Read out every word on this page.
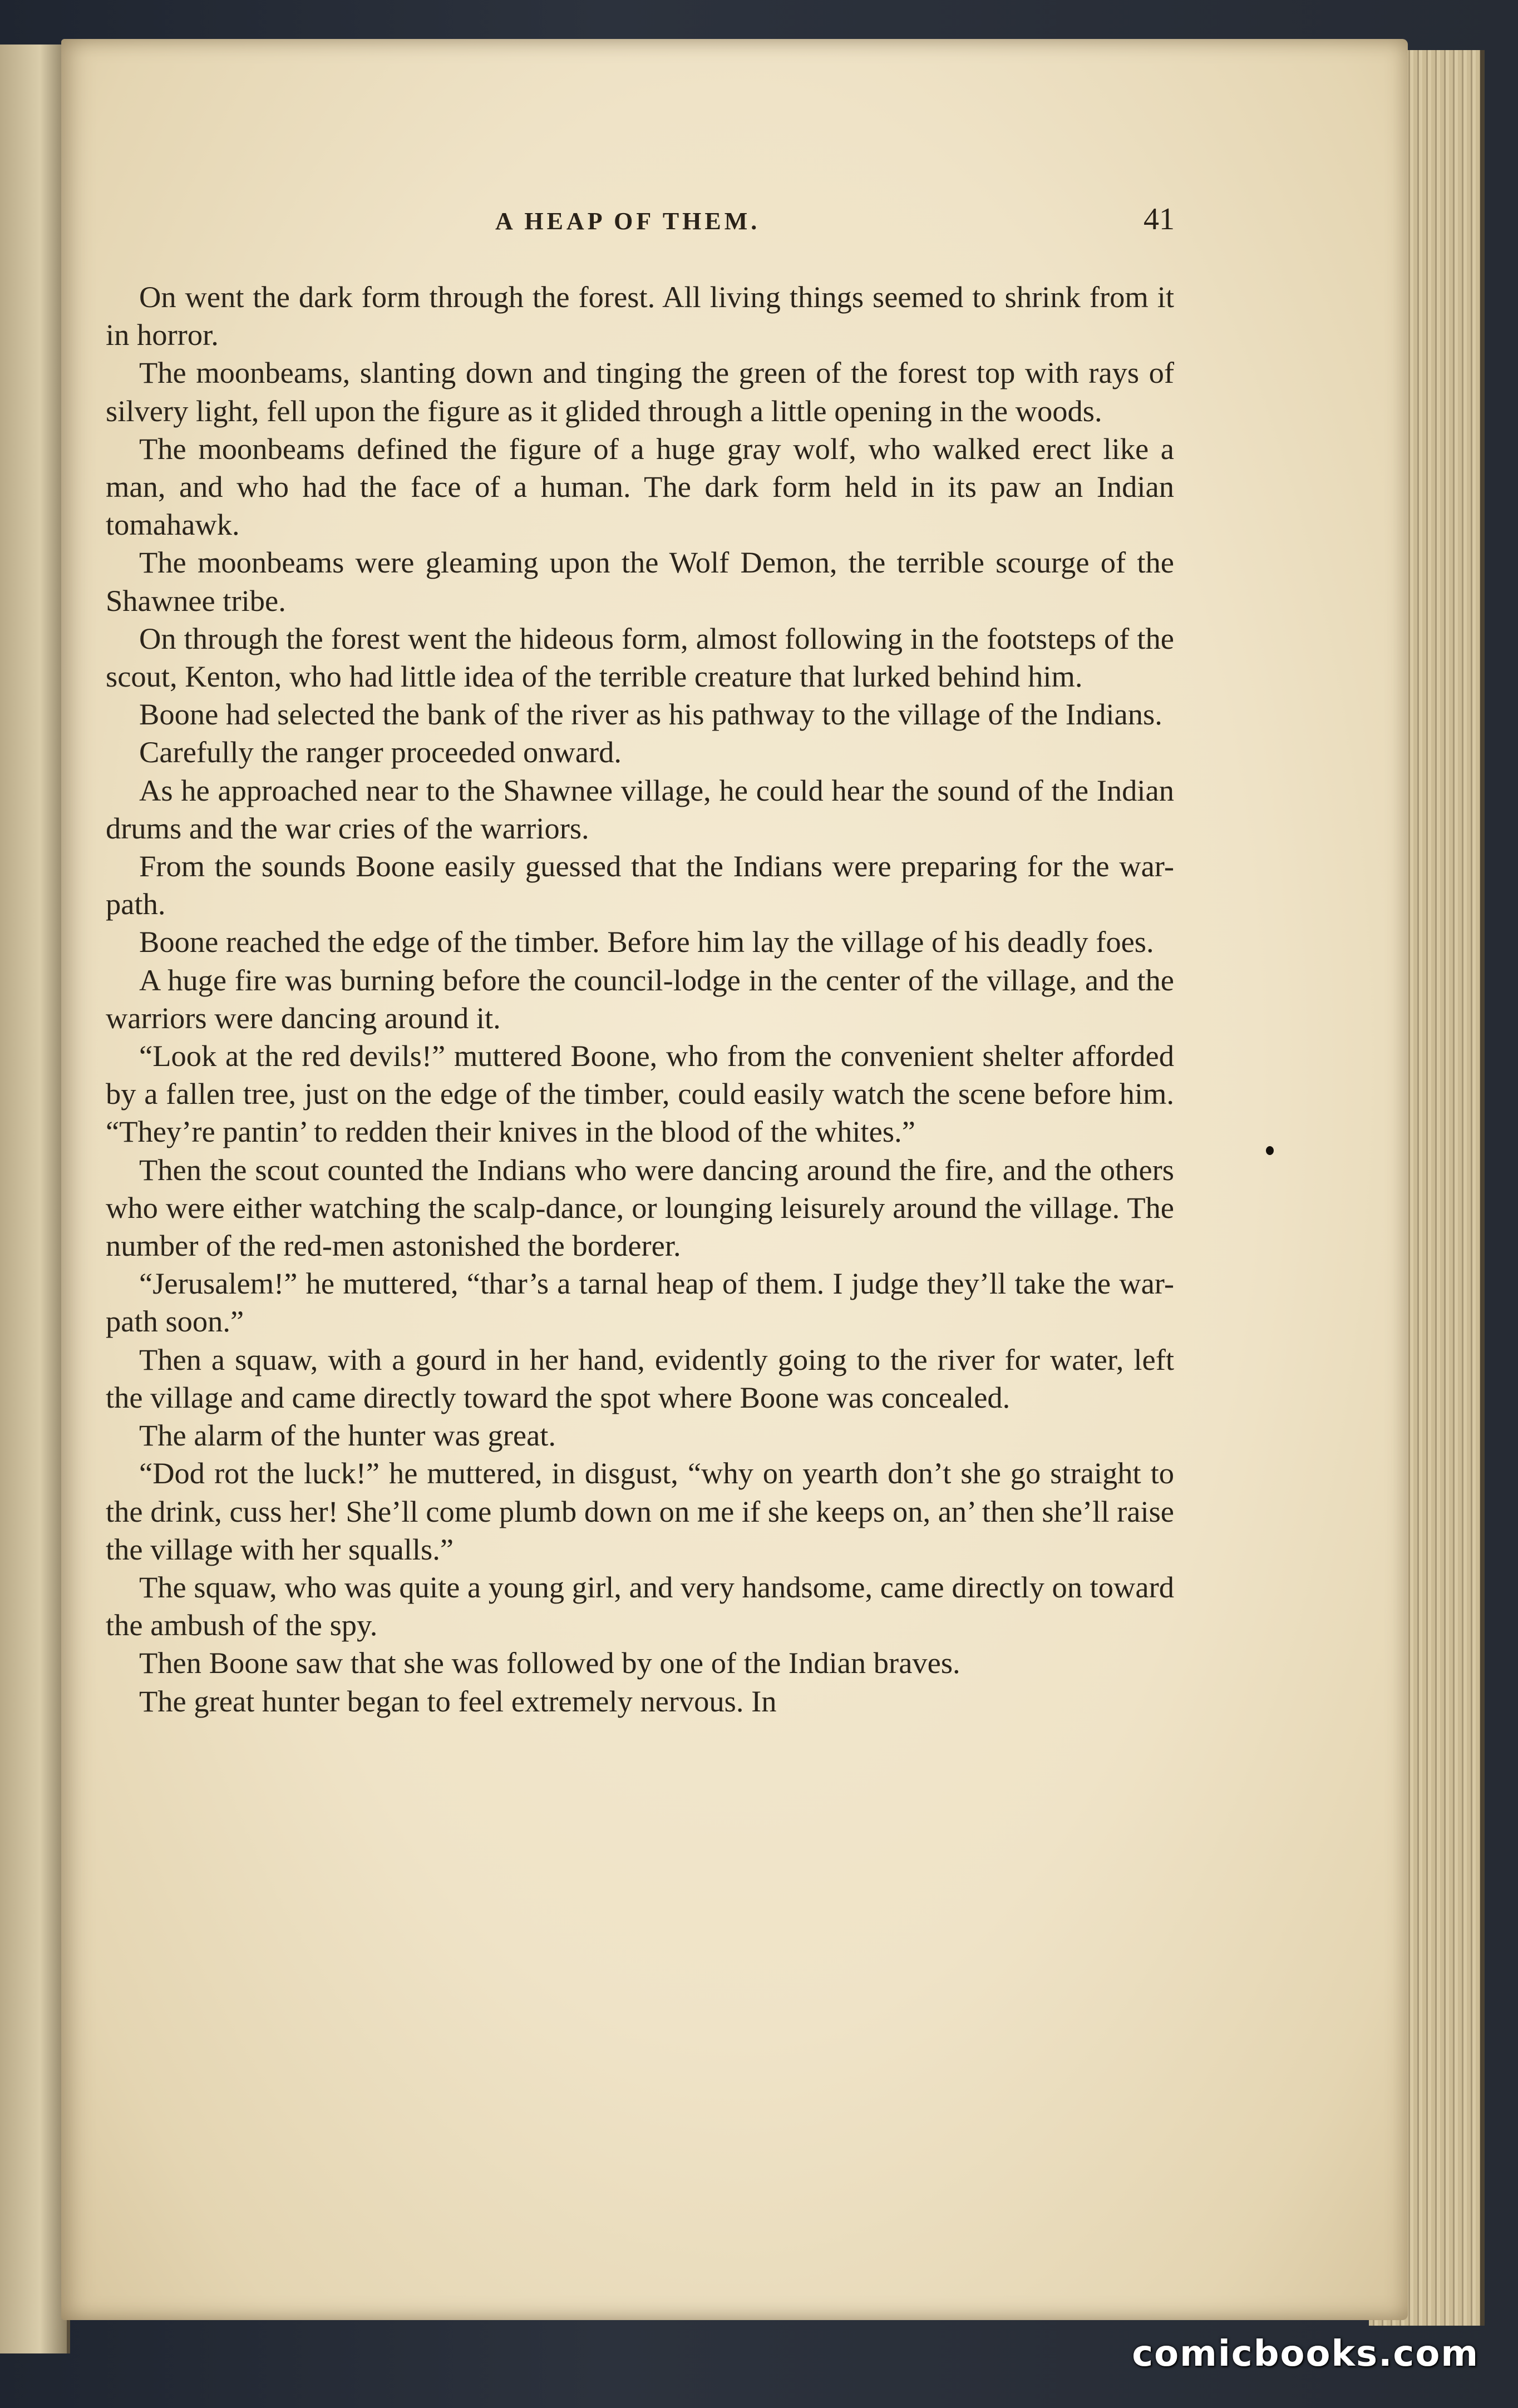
A HEAP OF THEM.	41

On went the dark form through the forest. All living things seemed to shrink from it in horror.

The moonbeams, slanting down and tinging the green of the forest top with rays of silvery light, fell upon the figure as it glided through a little opening in the woods.

The moonbeams defined the figure of a huge gray wolf, who walked erect like a man, and who had the face of a human. The dark form held in its paw an Indian tomahawk.

The moonbeams were gleaming upon the Wolf Demon, the terrible scourge of the Shawnee tribe.

On through the forest went the hideous form, almost following in the footsteps of the scout, Kenton, who had little idea of the terrible creature that lurked behind him.

Boone had selected the bank of the river as his pathway to the village of the Indians.

Carefully the ranger proceeded onward.

As he approached near to the Shawnee village, he could hear the sound of the Indian drums and the war cries of the warriors.

From the sounds Boone easily guessed that the Indians were preparing for the war-path.

Boone reached the edge of the timber. Before him lay the village of his deadly foes.

A huge fire was burning before the council-lodge in the center of the village, and the warriors were dancing around it.

“Look at the red devils!” muttered Boone, who from the convenient shelter afforded by a fallen tree, just on the edge of the timber, could easily watch the scene before him. “They’re pantin’ to redden their knives in the blood of the whites.”

Then the scout counted the Indians who were dancing around the fire, and the others who were either watching the scalp-dance, or lounging leisurely around the village. The number of the red-men astonished the borderer.

“Jerusalem!” he muttered, “thar’s a tarnal heap of them. I judge they’ll take the war-path soon.”

Then a squaw, with a gourd in her hand, evidently going to the river for water, left the village and came directly toward the spot where Boone was concealed.

The alarm of the hunter was great.

“Dod rot the luck!” he muttered, in disgust, “why on yearth don’t she go straight to the drink, cuss her! She’ll come plumb down on me if she keeps on, an’ then she’ll raise the village with her squalls.”

The squaw, who was quite a young girl, and very handsome, came directly on toward the ambush of the spy.

Then Boone saw that she was followed by one of the Indian braves.

The great hunter began to feel extremely nervous. In

comicbooks.com
